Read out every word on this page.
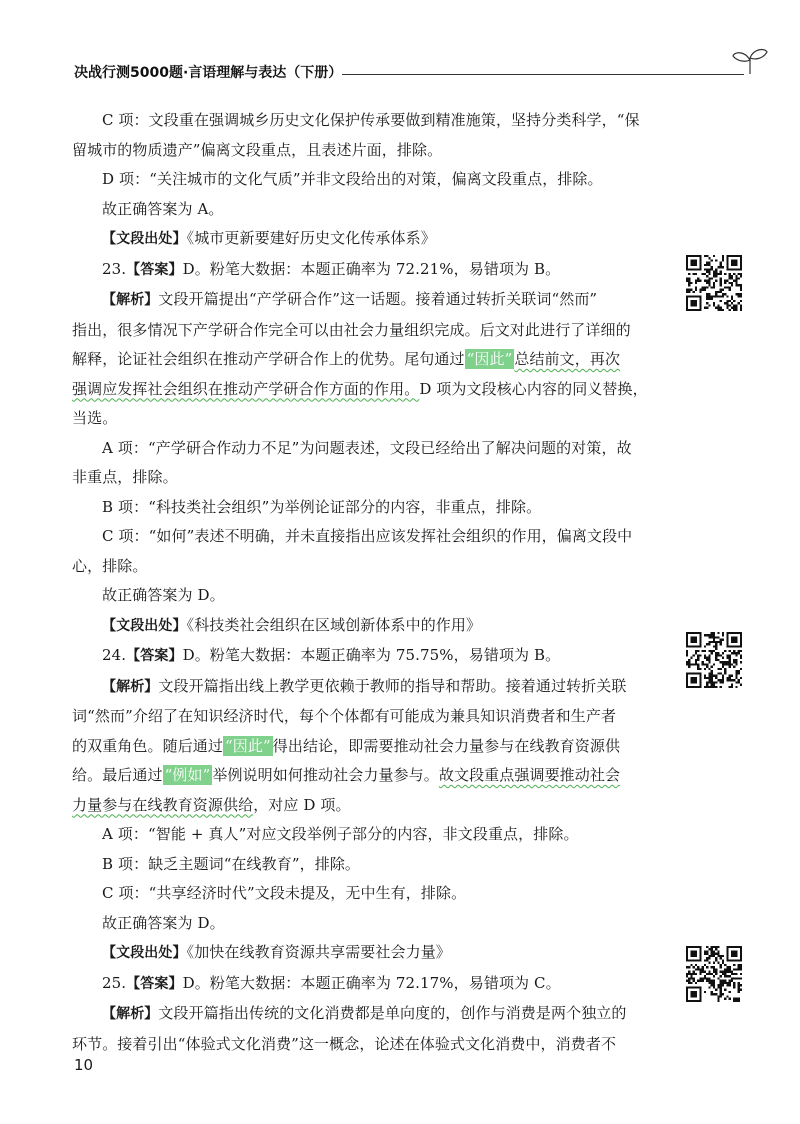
决战行测5000题·言语理解与表达（下册）

C 项：文段重在强调城乡历史文化保护传承要做到精准施策，坚持分类科学，“保

留城市的物质遗产”偏离文段重点，且表述片面，排除。

D 项：“关注城市的文化气质”并非文段给出的对策，偏离文段重点，排除。

故正确答案为 A。

【文段出处】《城市更新要建好历史文化传承体系》

23.【答案】D。粉笔大数据：本题正确率为 72.21%，易错项为 B。

【解析】文段开篇提出“产学研合作”这一话题。接着通过转折关联词“然而”

指出，很多情况下产学研合作完全可以由社会力量组织完成。后文对此进行了详细的

解释，论证社会组织在推动产学研合作上的优势。尾句通过 “因此” 总结前文，再次

强调应发挥社会组织在推动产学研合作方面的作用。D 项为文段核心内容的同义替换，

当选。

A 项：“产学研合作动力不足”为问题表述，文段已经给出了解决问题的对策，故

非重点，排除。

B 项：“科技类社会组织”为举例论证部分的内容，非重点，排除。

C 项：“如何”表述不明确，并未直接指出应该发挥社会组织的作用，偏离文段中

心，排除。

故正确答案为 D。

【文段出处】《科技类社会组织在区域创新体系中的作用》

24.【答案】D。粉笔大数据：本题正确率为 75.75%，易错项为 B。

【解析】文段开篇指出线上教学更依赖于教师的指导和帮助。接着通过转折关联

词“然而”介绍了在知识经济时代，每个个体都有可能成为兼具知识消费者和生产者

的双重角色。随后通过 “因此” 得出结论，即需要推动社会力量参与在线教育资源供

给。最后通过 “例如” 举例说明如何推动社会力量参与。故文段重点强调要推动社会

力量参与在线教育资源供给，对应 D 项。

A 项：“智能 + 真人”对应文段举例子部分的内容，非文段重点，排除。

B 项：缺乏主题词“在线教育”，排除。

C 项：“共享经济时代”文段未提及，无中生有，排除。

故正确答案为 D。

【文段出处】《加快在线教育资源共享需要社会力量》

25.【答案】D。粉笔大数据：本题正确率为 72.17%，易错项为 C。

【解析】文段开篇指出传统的文化消费都是单向度的，创作与消费是两个独立的

环节。接着引出“体验式文化消费”这一概念，论述在体验式文化消费中，消费者不

10
